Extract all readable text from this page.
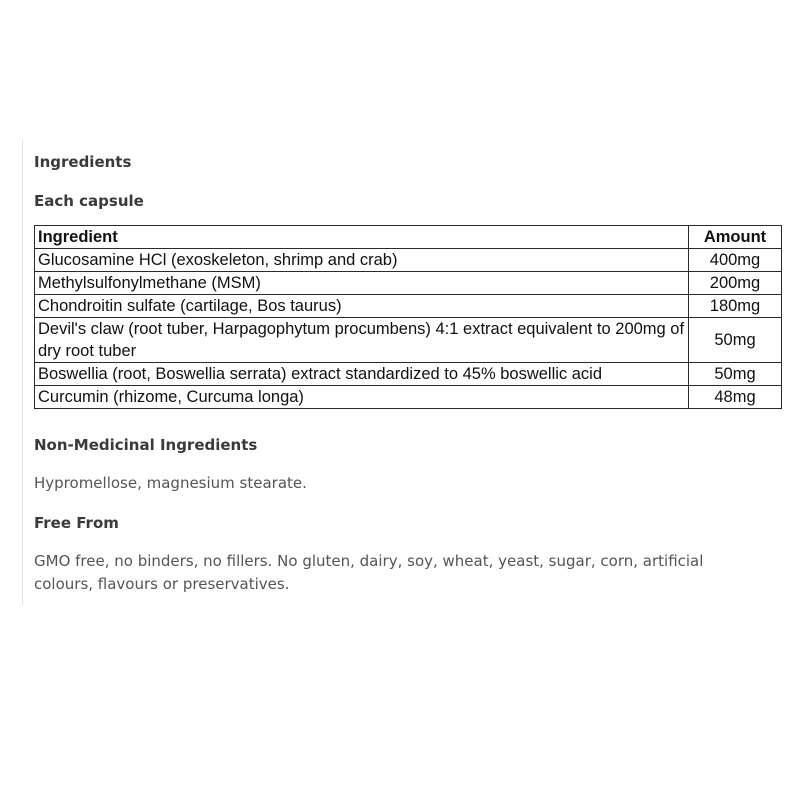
Ingredients
Each capsule
Ingredient	Amount
Glucosamine HCl (exoskeleton, shrimp and crab)	400mg
Methylsulfonylmethane (MSM)	200mg
Chondroitin sulfate (cartilage, Bos taurus)	180mg
Devil's claw (root tuber, Harpagophytum procumbens) 4:1 extract equivalent to 200mg of dry root tuber	50mg
Boswellia (root, Boswellia serrata) extract standardized to 45% boswellic acid	50mg
Curcumin (rhizome, Curcuma longa)	48mg
Non-Medicinal Ingredients

Hypromellose, magnesium stearate.

Free From

GMO free, no binders, no fillers. No gluten, dairy, soy, wheat, yeast, sugar, corn, artificial colours, flavours or preservatives.
